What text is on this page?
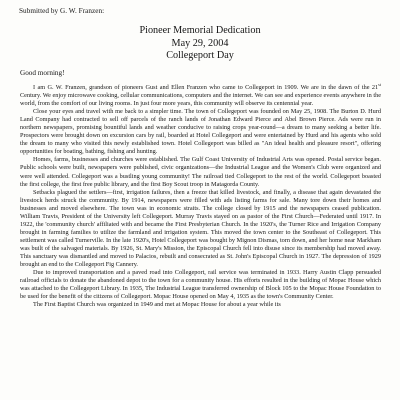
Submitted by G. W. Franzen:
Pioneer Memorial Dedication
May 29, 2004
Collegeport Day
Good morning!

I am G. W. Franzen, grandson of pioneers Gust and Ellen Franzen who came to Collegeport in 1909. We are in the dawn of the 21st Century. We enjoy microwave cooking, cellular communications, computers and the internet. We can see and experience events anywhere in the world, from the comfort of our living rooms. In just four more years, this community will observe its centennial year.

Close your eyes and travel with me back to a simpler time. The town of Collegeport was founded on May 25, 1908. The Burton D. Hurd Land Company had contracted to sell off parcels of the ranch lands of Jonathan Edward Pierce and Abel Brown Pierce. Ads were run in northern newspapers, promising bountiful lands and weather conducive to raising crops year-round—a dream to many seeking a better life. Prospectors were brought down on excursion cars by rail, boarded at Hotel Collegeport and were entertained by Hurd and his agents who sold the dream to many who visited this newly established town. Hotel Collegeport was billed as "An ideal health and pleasure resort", offering opportunities for boating, bathing, fishing and hunting.

Homes, farms, businesses and churches were established. The Gulf Coast University of Industrial Arts was opened. Postal service began. Public schools were built, newspapers were published, civic organizations—the Industrial League and the Women's Club were organized and were well attended. Collegeport was a bustling young community! The railroad tied Collegeport to the rest of the world. Collegeport boasted the first college, the first free public library, and the first Boy Scout troop in Matagorda County.

Setbacks plagued the settlers—first, irrigation failures, then a freeze that killed livestock, and finally, a disease that again devastated the livestock herds struck the community. By 1914, newspapers were filled with ads listing farms for sale. Many tore down their homes and businesses and moved elsewhere. The town was in economic straits. The college closed by 1915 and the newspapers ceased publication. William Travis, President of the University left Collegeport. Murray Travis stayed on as pastor of the First Church—Federated until 1917. In 1922, the 'community church' affiliated with and became the First Presbyterian Church. In the 1920's, the Turner Rice and Irrigation Company brought in farming families to utilize the farmland and irrigation system. This moved the town center to the Southeast of Collegeport. This settlement was called Turnerville. In the late 1920's, Hotel Collegeport was bought by Mignon Dismas, torn down, and her home near Markham was built of the salvaged materials. By 1926, St. Mary's Mission, the Episcopal Church fell into disuse since its membership had moved away. This sanctuary was dismantled and moved to Palacios, rebuilt and consecrated as St. John's Episcopal Church in 1927. The depression of 1929 brought an end to the Collegeport Fig Cannery.

Due to improved transportation and a paved road into Collegeport, rail service was terminated in 1933. Harry Austin Clapp persuaded railroad officials to donate the abandoned depot to the town for a community house. His efforts resulted in the building of Mopac House which was attached to the Collegeport Library. In 1935, The Industrial League transferred ownership of Block 105 to the Mopac House Foundation to be used for the benefit of the citizens of Collegeport. Mopac House opened on May 4, 1935 as the town's Community Center.

The First Baptist Church was organized in 1949 and met at Mopac House for about a year while its
